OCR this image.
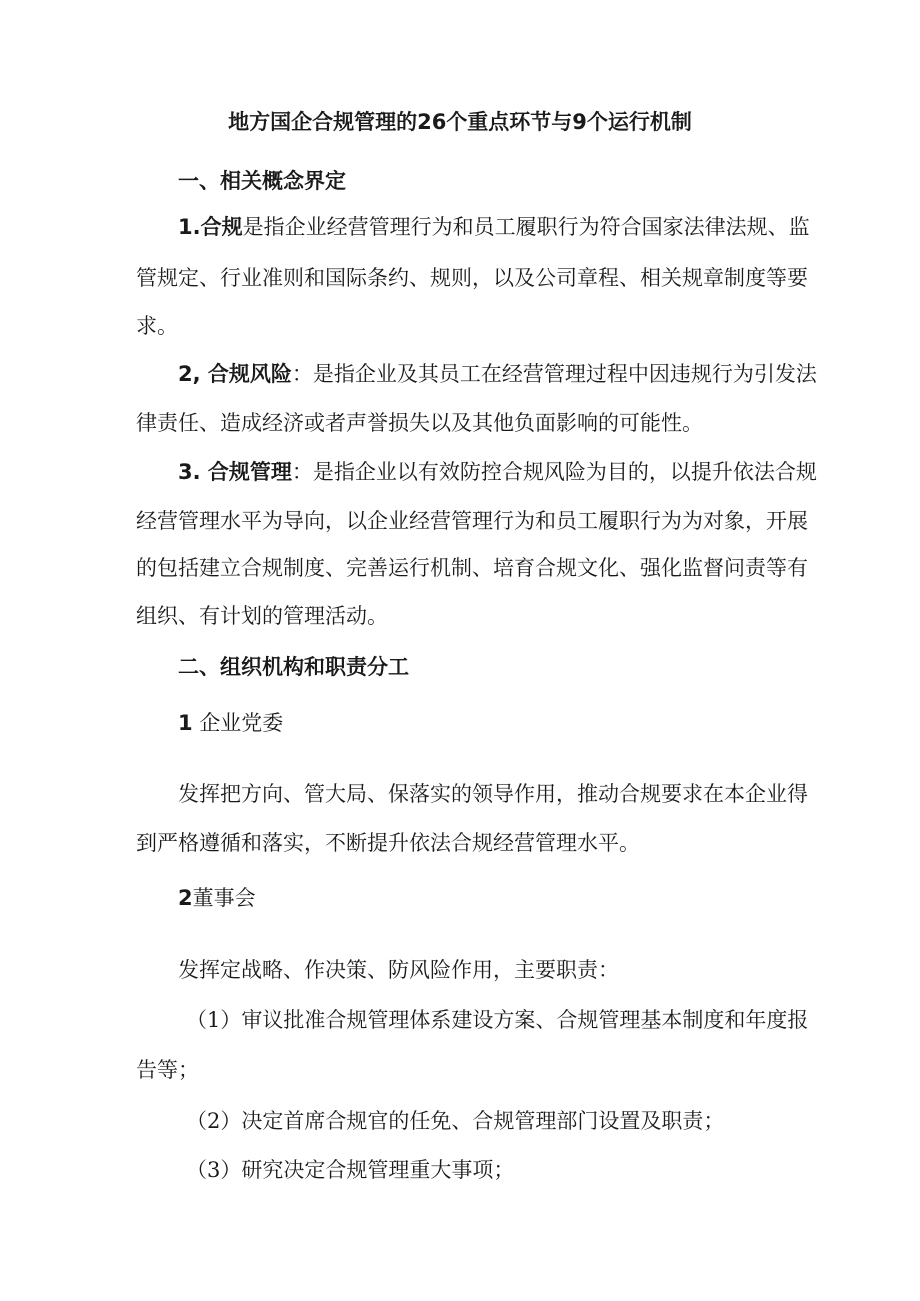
地方国企合规管理的26个重点环节与9个运行机制
一、相关概念界定
1.合规是指企业经营管理行为和员工履职行为符合国家法律法规、监
管规定、行业准则和国际条约、规则，以及公司章程、相关规章制度等要
求。
2, 合规风险：是指企业及其员工在经营管理过程中因违规行为引发法
律责任、造成经济或者声誉损失以及其他负面影响的可能性。
3. 合规管理：是指企业以有效防控合规风险为目的，以提升依法合规
经营管理水平为导向，以企业经营管理行为和员工履职行为为对象，开展
的包括建立合规制度、完善运行机制、培育合规文化、强化监督问责等有
组织、有计划的管理活动。
二、组织机构和职责分工
1 企业党委
发挥把方向、管大局、保落实的领导作用，推动合规要求在本企业得
到严格遵循和落实，不断提升依法合规经营管理水平。
2董事会
发挥定战略、作决策、防风险作用，主要职责：
（1）审议批准合规管理体系建设方案、合规管理基本制度和年度报
告等；
（2）决定首席合规官的任免、合规管理部门设置及职责；
（3）研究决定合规管理重大事项；
